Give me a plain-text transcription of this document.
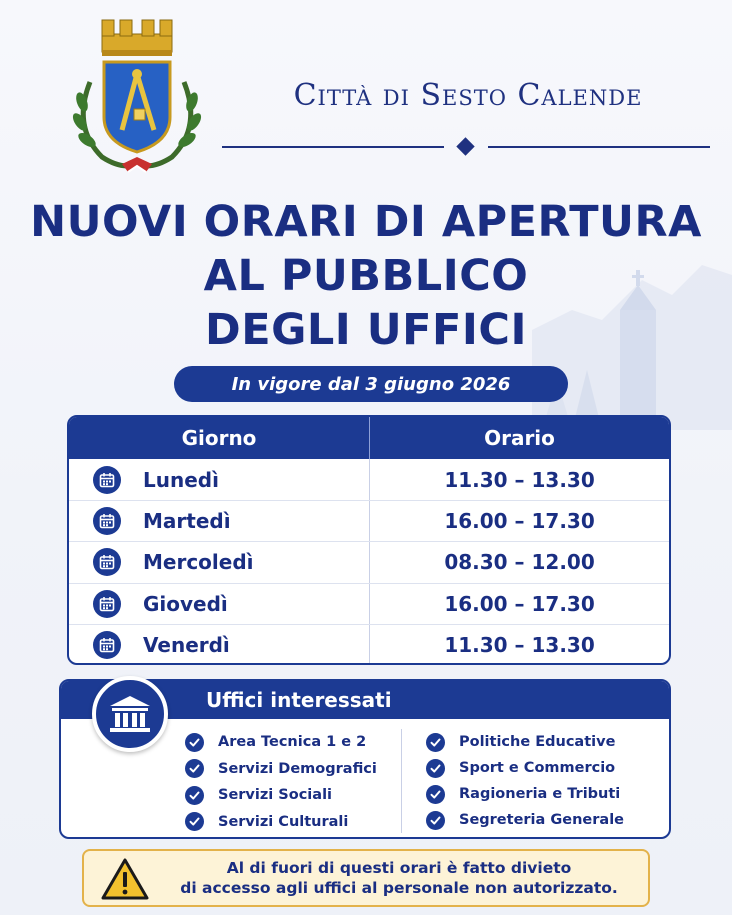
Città di Sesto Calende
NUOVI ORARI DI APERTURA
AL PUBBLICO
DEGLI UFFICI
In vigore dal 3 giugno 2026
Giorno	Orario
Lunedì	11.30 – 13.30
Martedì	16.00 – 17.30
Mercoledì	08.30 – 12.00
Giovedì	16.00 – 17.30
Venerdì	11.30 – 13.30
Uffici interessati
Area Tecnica 1 e 2
Servizi Demografici
Servizi Sociali
Servizi Culturali
Politiche Educative
Sport e Commercio
Ragioneria e Tributi
Segreteria Generale
Al di fuori di questi orari è fatto divieto
di accesso agli uffici al personale non autorizzato.
